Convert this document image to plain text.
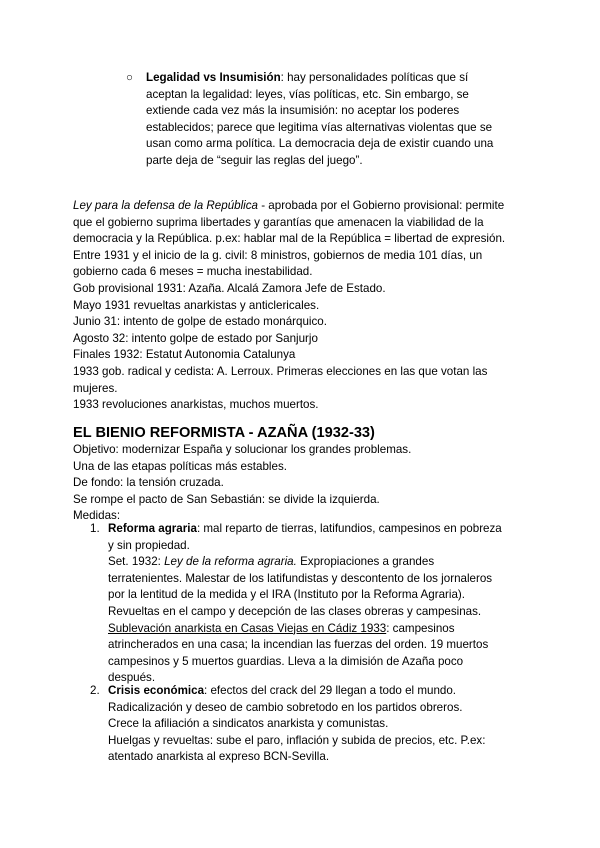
○	Legalidad vs Insumisión: hay personalidades políticas que sí
aceptan la legalidad: leyes, vías políticas, etc. Sin embargo, se
extiende cada vez más la insumisión: no aceptar los poderes
establecidos; parece que legitima vías alternativas violentas que se
usan como arma política. La democracia deja de existir cuando una
parte deja de “seguir las reglas del juego”.
Ley para la defensa de la República - aprobada por el Gobierno provisional: permite
que el gobierno suprima libertades y garantías que amenacen la viabilidad de la
democracia y la República. p.ex: hablar mal de la República = libertad de expresión.
Entre 1931 y el inicio de la g. civil: 8 ministros, gobiernos de media 101 días, un
gobierno cada 6 meses = mucha inestabilidad.
Gob provisional 1931: Azaña. Alcalá Zamora Jefe de Estado.
Mayo 1931 revueltas anarkistas y anticlericales.
Junio 31: intento de golpe de estado monárquico.
Agosto 32: intento golpe de estado por Sanjurjo
Finales 1932: Estatut Autonomia Catalunya
1933 gob. radical y cedista: A. Lerroux. Primeras elecciones en las que votan las
mujeres.
1933 revoluciones anarkistas, muchos muertos.
EL BIENIO REFORMISTA - AZAÑA (1932-33)
Objetivo: modernizar España y solucionar los grandes problemas.
Una de las etapas políticas más estables.
De fondo: la tensión cruzada.
Se rompe el pacto de San Sebastián: se divide la izquierda.
Medidas:
1. Reforma agraria: mal reparto de tierras, latifundios, campesinos en pobreza
y sin propiedad.
Set. 1932: Ley de la reforma agraria. Expropiaciones a grandes
terratenientes. Malestar de los latifundistas y descontento de los jornaleros
por la lentitud de la medida y el IRA (Instituto por la Reforma Agraria).
Revueltas en el campo y decepción de las clases obreras y campesinas.
Sublevación anarkista en Casas Viejas en Cádiz 1933: campesinos
atrincherados en una casa; la incendian las fuerzas del orden. 19 muertos
campesinos y 5 muertos guardias. Lleva a la dimisión de Azaña poco
después.
2. Crisis económica: efectos del crack del 29 llegan a todo el mundo.
Radicalización y deseo de cambio sobretodo en los partidos obreros.
Crece la afiliación a sindicatos anarkista y comunistas.
Huelgas y revueltas: sube el paro, inflación y subida de precios, etc. P.ex:
atentado anarkista al expreso BCN-Sevilla.
